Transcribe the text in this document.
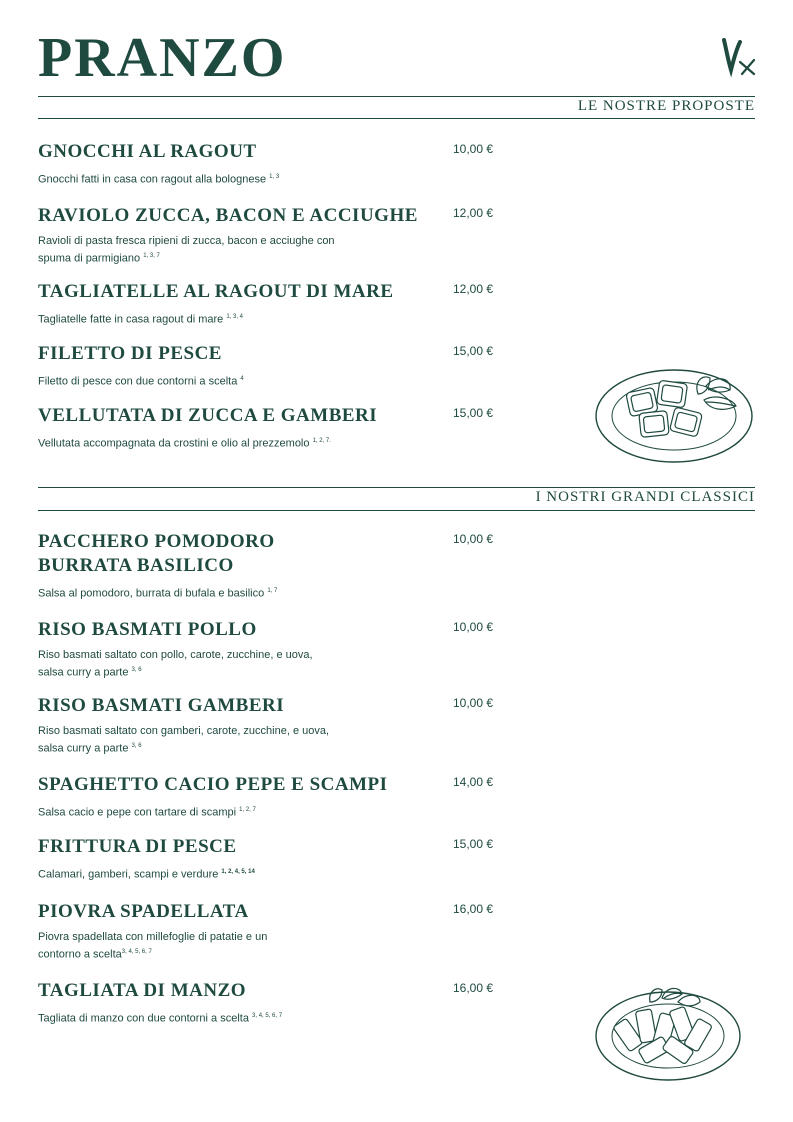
PRANZO
LE NOSTRE PROPOSTE
GNOCCHI AL RAGOUT
Gnocchi fatti in casa con ragout alla bolognese $^{1, 3}$
10,00 €
RAVIOLO ZUCCA, BACON E ACCIUGHE
Ravioli di pasta fresca ripieni di zucca, bacon e acciughe con spuma di parmigiano $^{1, 3, 7}$
12,00 €
TAGLIATELLE AL RAGOUT DI MARE
Tagliatelle fatte in casa ragout di mare $^{1, 3, 4}$
12,00 €
FILETTO DI PESCE
Filetto di pesce con due contorni a scelta $^4$
15,00 €
VELLUTATA DI ZUCCA E GAMBERI
Vellutata accompagnata da crostini e olio al prezzemolo $^{1, 2, 7.}$
15,00 €
I NOSTRI GRANDI CLASSICI
PACCHERO POMODORO BURRATA BASILICO
Salsa al pomodoro, burrata di bufala e basilico $^{1, 7}$
10,00 €
RISO BASMATI POLLO
Riso basmati saltato con pollo, carote, zucchine, e uova, salsa curry a parte $^{3, 6}$
10,00 €
RISO BASMATI GAMBERI
Riso basmati saltato con gamberi, carote, zucchine, e uova, salsa curry a parte $^{3, 6}$
10,00 €
SPAGHETTO CACIO PEPE E SCAMPI
Salsa cacio e pepe con tartare di scampi $^{1, 2, 7}$
14,00 €
FRITTURA DI PESCE
Calamari, gamberi, scampi e verdure $^{1, 2, 4, 5, 14}$
15,00 €
PIOVRA SPADELLATA
Piovra spadellata con millefoglie di patatie e un contorno a scelta$^{3, 4, 5, 6, 7}$
16,00 €
TAGLIATA DI MANZO
Tagliata di manzo con due contorni a scelta $^{3, 4, 5, 6, 7}$
16,00 €
